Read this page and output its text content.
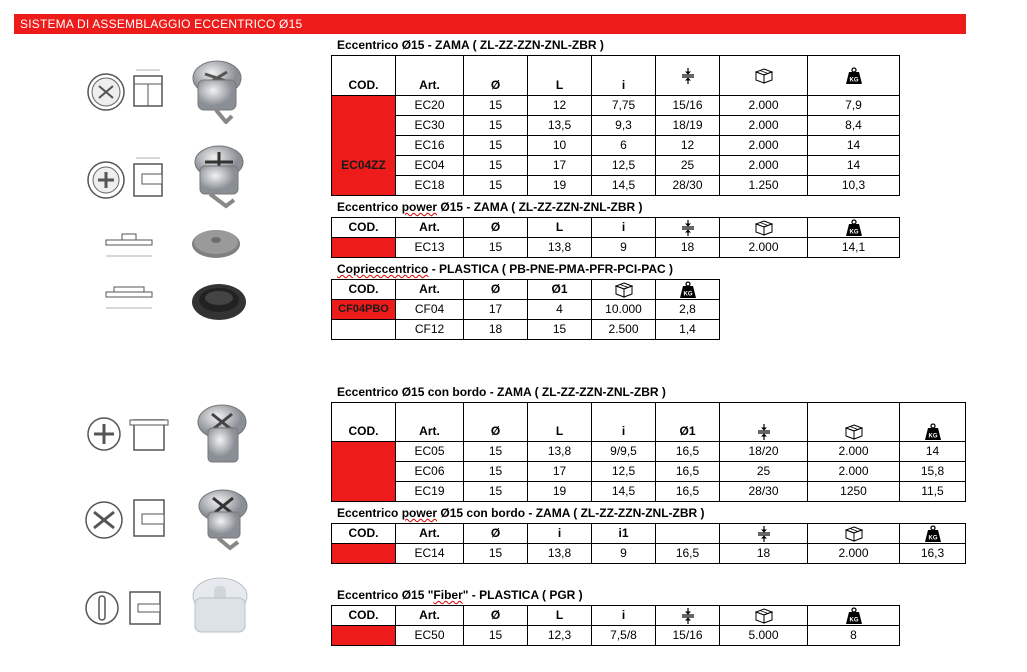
SISTEMA DI ASSEMBLAGGIO ECCENTRICO Ø15
Eccentrico Ø15 - ZAMA ( ZL-ZZ-ZZN-ZNL-ZBR )
COD.	Art.	Ø	L	i			
	EC20	15	12	7,75	15/16	2.000	7,9
	EC30	15	13,5	9,3	18/19	2.000	8,4
	EC16	15	10	6	12	2.000	14
EC04ZZ	EC04	15	17	12,5	25	2.000	14
	EC18	15	19	14,5	28/30	1.250	10,3
Eccentrico power Ø15 - ZAMA ( ZL-ZZ-ZZN-ZNL-ZBR )
COD.	Art.	Ø	L	i			
	EC13	15	13,8	9	18	2.000	14,1
Coprieccentrico - PLASTICA ( PB-PNE-PMA-PFR-PCI-PAC )
COD.	Art.	Ø	Ø1		
CF04PBO	CF04	17	4	10.000	2,8
	CF12	18	15	2.500	1,4
Eccentrico Ø15 con bordo - ZAMA ( ZL-ZZ-ZZN-ZNL-ZBR )
COD.	Art.	Ø	L	i	Ø1			
	EC05	15	13,8	9/9,5	16,5	18/20	2.000	14
	EC06	15	17	12,5	16,5	25	2.000	15,8
	EC19	15	19	14,5	16,5	28/30	1250	11,5
Eccentrico power Ø15 con bordo - ZAMA ( ZL-ZZ-ZZN-ZNL-ZBR )
COD.	Art.	Ø	i	i1				
	EC14	15	13,8	9	16,5	18	2.000	16,3
Eccentrico Ø15 "Fiber" - PLASTICA ( PGR )
COD.	Art.	Ø	L	i			
	EC50	15	12,3	7,5/8	15/16	5.000	8
